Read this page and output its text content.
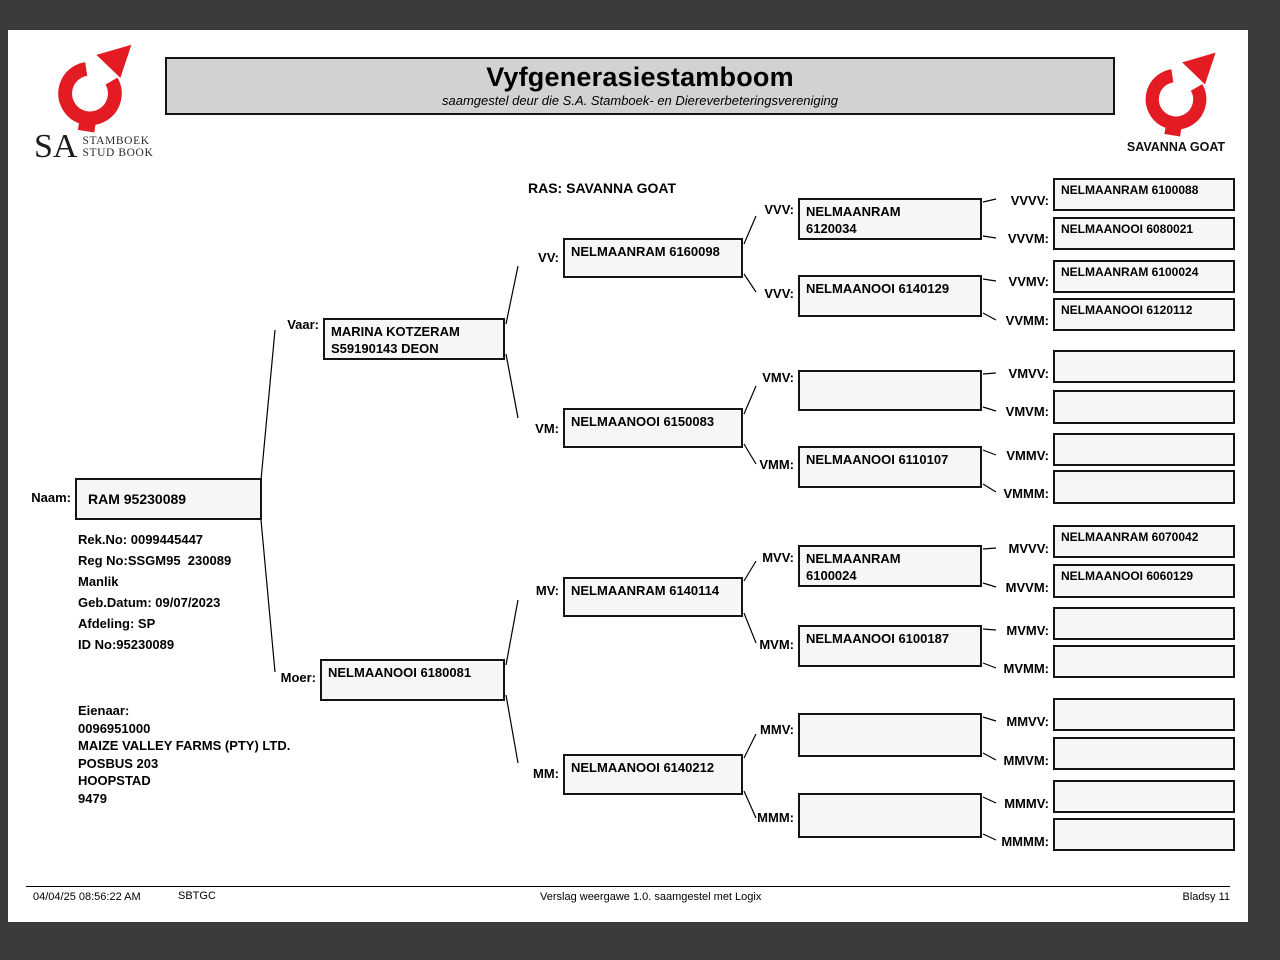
SA STAMBOEK
STUD BOOK
Vyfgenerasiestamboom
saamgestel deur die S.A. Stamboek- en Diereverbeteringsvereniging
SAVANNA GOAT
RAS: SAVANNA GOAT
Naam:	RAM 95230089
Rek.No: 0099445447
Reg No:SSGM95  230089
Manlik
Geb.Datum: 09/07/2023
Afdeling: SP
ID No:95230089
Eienaar:
0096951000
MAIZE VALLEY FARMS (PTY) LTD.
POSBUS 203
HOOPSTAD
9479
Vaar: MARINA KOTZERAM
S59190143 DEON
Moer: NELMAANOOI 6180081
VV: NELMAANRAM 6160098
VM: NELMAANOOI 6150083
MV: NELMAANRAM 6140114
MM: NELMAANOOI 6140212
VVV: NELMAANRAM
6120034
VVV: NELMAANOOI 6140129
VMV:
VMM: NELMAANOOI 6110107
MVV: NELMAANRAM
6100024
MVM: NELMAANOOI 6100187
MMV:
MMM:
VVVV:
NELMAANRAM 6100088
VVVM:
NELMAANOOI 6080021
VVMV:
NELMAANRAM 6100024
VVMM:
NELMAANOOI 6120112
VMVV:
VMVM:
VMMV:
VMMM:
MVVV:
NELMAANRAM 6070042
MVVM:
NELMAANOOI 6060129
MVMV:
MVMM:
MMVV:
MMVM:
MMMV:
MMMM:
04/04/25 08:56:22 AM	SBTGC	Verslag weergawe 1.0. saamgestel met Logix	Bladsy 11
